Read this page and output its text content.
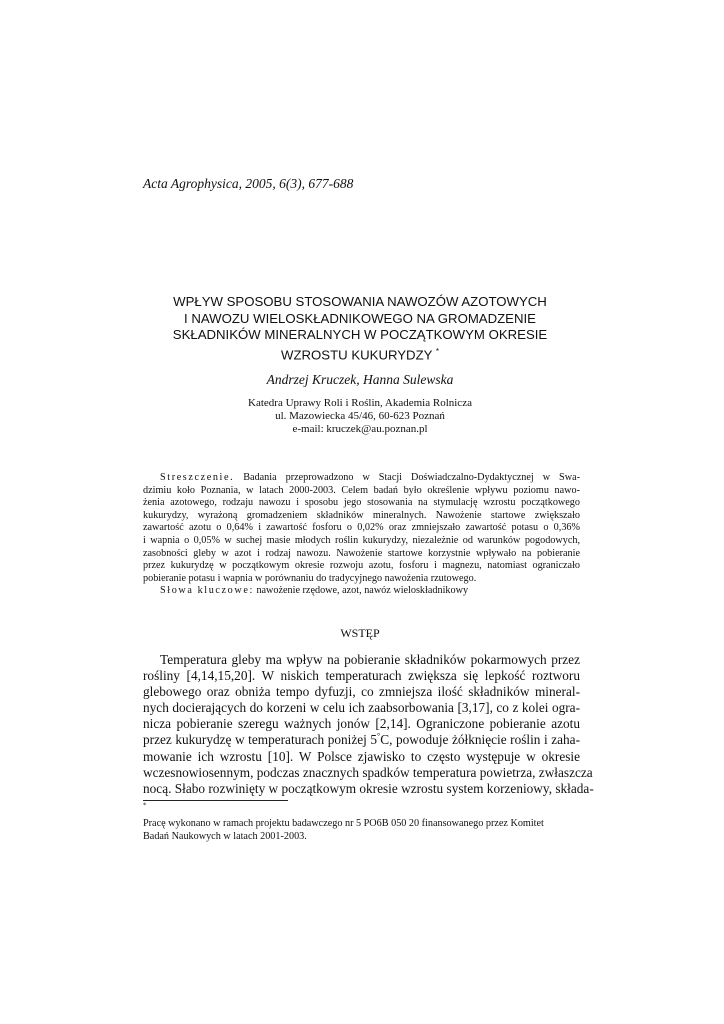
Acta Agrophysica, 2005, 6(3), 677-688
WPŁYW SPOSOBU STOSOWANIA NAWOZÓW AZOTOWYCH
I NAWOZU WIELOSKŁADNIKOWEGO NA GROMADZENIE
SKŁADNIKÓW MINERALNYCH W POCZĄTKOWYM OKRESIE
WZROSTU KUKURYDZY *
Andrzej Kruczek, Hanna Sulewska
Katedra Uprawy Roli i Roślin, Akademia Rolnicza
ul. Mazowiecka 45/46, 60-623 Poznań
e-mail: kruczek@au.poznan.pl
Streszczenie. Badania przeprowadzono w Stacji Doświadczalno-Dydaktycznej w Swa-
dzimiu koło Poznania, w latach 2000-2003. Celem badań było określenie wpływu poziomu nawo-
żenia azotowego, rodzaju nawozu i sposobu jego stosowania na stymulację wzrostu początkowego
kukurydzy, wyrażoną gromadzeniem składników mineralnych. Nawożenie startowe zwiększało
zawartość azotu o 0,64% i zawartość fosforu o 0,02% oraz zmniejszało zawartość potasu o 0,36%
i wapnia o 0,05% w suchej masie młodych roślin kukurydzy, niezależnie od warunków pogodowych,
zasobności gleby w azot i rodzaj nawozu. Nawożenie startowe korzystnie wpływało na pobieranie
przez kukurydzę w początkowym okresie rozwoju azotu, fosforu i magnezu, natomiast ograniczało
pobieranie potasu i wapnia w porównaniu do tradycyjnego nawożenia rzutowego.
Słowa kluczowe: nawożenie rzędowe, azot, nawóz wieloskładnikowy
WSTĘP
Temperatura gleby ma wpływ na pobieranie składników pokarmowych przez
rośliny [4,14,15,20]. W niskich temperaturach zwiększa się lepkość roztworu
glebowego oraz obniża tempo dyfuzji, co zmniejsza ilość składników mineral-
nych docierających do korzeni w celu ich zaabsorbowania [3,17], co z kolei ogra-
nicza pobieranie szeregu ważnych jonów [2,14]. Ograniczone pobieranie azotu
przez kukurydzę w temperaturach poniżej 5°C, powoduje żółknięcie roślin i zaha-
mowanie ich wzrostu [10]. W Polsce zjawisko to często występuje w okresie
wczesnowiosennym, podczas znacznych spadków temperatura powietrza, zwłaszcza
nocą. Słabo rozwinięty w początkowym okresie wzrostu system korzeniowy, składa-
*
Pracę wykonano w ramach projektu badawczego nr 5 PO6B 050 20 finansowanego przez Komitet
Badań Naukowych w latach 2001-2003.
